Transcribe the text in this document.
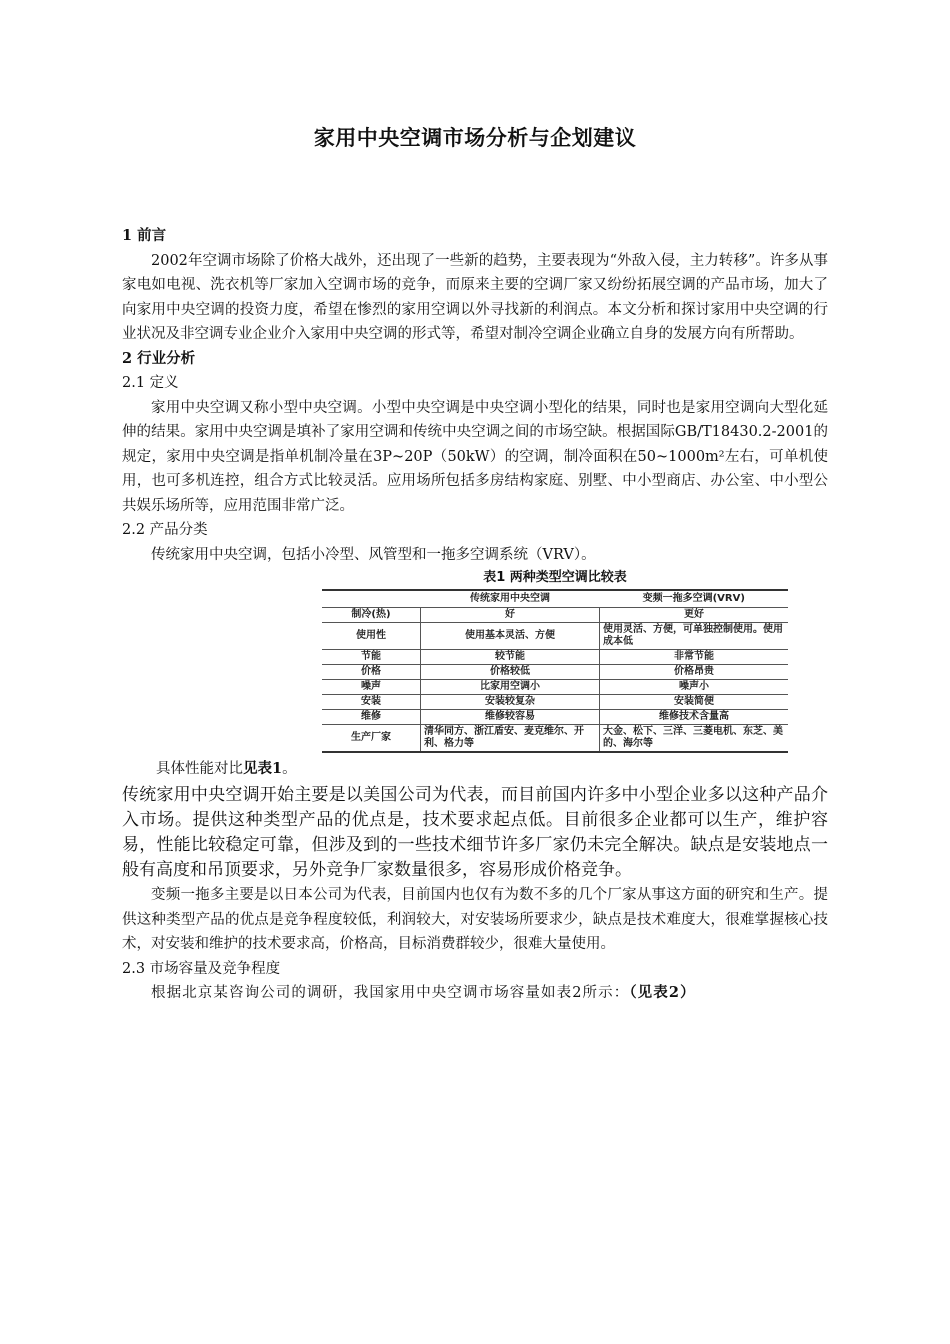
家用中央空调市场分析与企划建议

1 前言

2002年空调市场除了价格大战外，还出现了一些新的趋势，主要表现为“外敌入侵，主力转移”。许多从事家电如电视、洗衣机等厂家加入空调市场的竞争，而原来主要的空调厂家又纷纷拓展空调的产品市场，加大了向家用中央空调的投资力度，希望在惨烈的家用空调以外寻找新的利润点。本文分析和探讨家用中央空调的行业状况及非空调专业企业介入家用中央空调的形式等，希望对制冷空调企业确立自身的发展方向有所帮助。

2 行业分析

2.1 定义

家用中央空调又称小型中央空调。小型中央空调是中央空调小型化的结果，同时也是家用空调向大型化延伸的结果。家用中央空调是填补了家用空调和传统中央空调之间的市场空缺。根据国际GB/T18430.2-2001的规定，家用中央空调是指单机制冷量在3P~20P（50kW）的空调，制冷面积在50~1000m²左右，可单机使用，也可多机连控，组合方式比较灵活。应用场所包括多房结构家庭、别墅、中小型商店、办公室、中小型公共娱乐场所等，应用范围非常广泛。

2.2 产品分类

传统家用中央空调，包括小冷型、风管型和一拖多空调系统（VRV）。

表1 两种类型空调比较表
	传统家用中央空调	变频一拖多空调(VRV)
制冷(热)	好	更好
使用性	使用基本灵活、方便	使用灵活、方便，可单独控制使用。使用成本低
节能	较节能	非常节能
价格	价格较低	价格昂贵
噪声	比家用空调小	噪声小
安装	安装较复杂	安装简便
维修	维修较容易	维修技术含量高
生产厂家	清华同方、浙江盾安、麦克维尔、开利、格力等	大金、松下、三洋、三菱电机、东芝、美的、海尔等
具体性能对比见表1。

传统家用中央空调开始主要是以美国公司为代表，而目前国内许多中小型企业多以这种产品介入市场。提供这种类型产品的优点是，技术要求起点低。目前很多企业都可以生产，维护容易，性能比较稳定可靠，但涉及到的一些技术细节许多厂家仍未完全解决。缺点是安装地点一般有高度和吊顶要求，另外竞争厂家数量很多，容易形成价格竞争。

变频一拖多主要是以日本公司为代表，目前国内也仅有为数不多的几个厂家从事这方面的研究和生产。提供这种类型产品的优点是竞争程度较低，利润较大，对安装场所要求少，缺点是技术难度大，很难掌握核心技术，对安装和维护的技术要求高，价格高，目标消费群较少，很难大量使用。

2.3 市场容量及竞争程度

根据北京某咨询公司的调研，我国家用中央空调市场容量如表2所示：（见表2）
